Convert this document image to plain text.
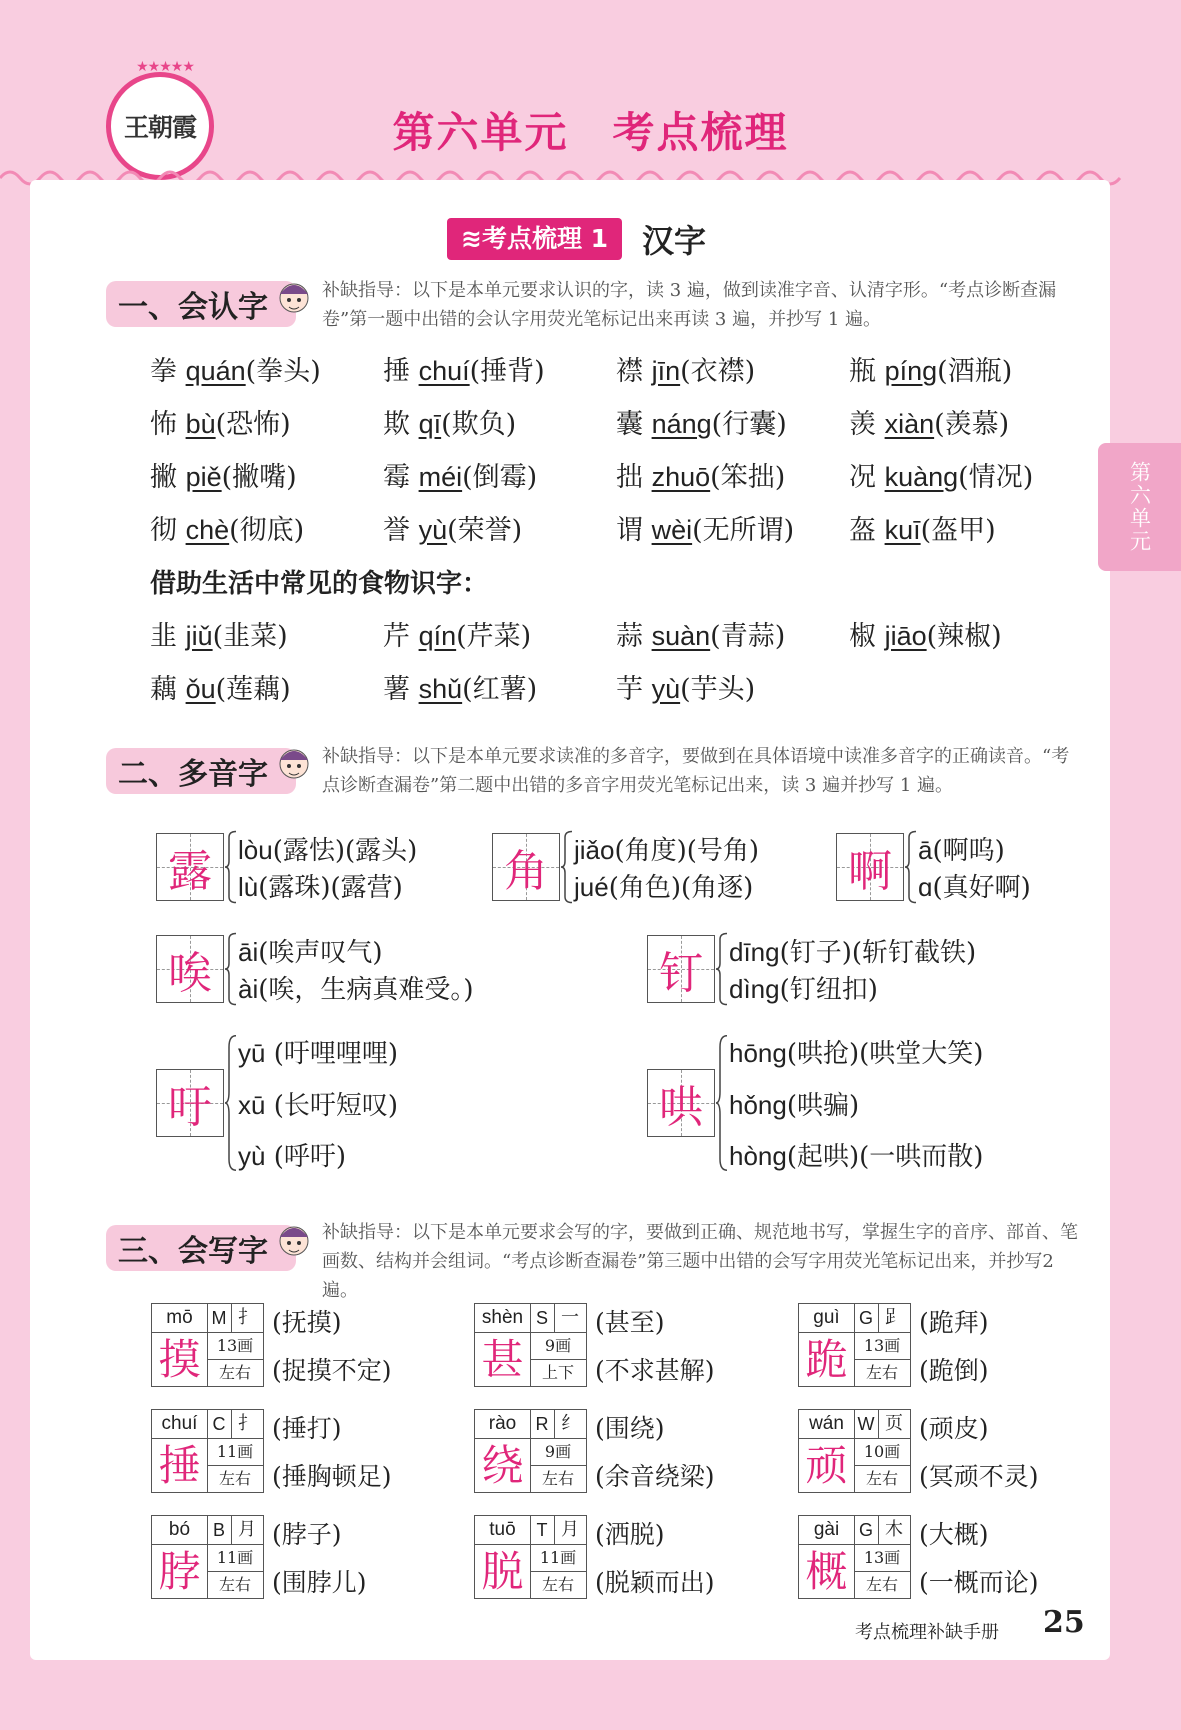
★★★★★
王朝霞	第六单元　考点梳理
第六单元
≋考点梳理 1	汉字
一、会认字	补缺指导：以下是本单元要求认识的字，读 3 遍，做到读准字音、认清字形。“考点诊断查漏卷”第一题中出错的会认字用荧光笔标记出来再读 3 遍，并抄写 1 遍。
拳 quán(拳头)	捶 chuí(捶背)	襟 jīn(衣襟)	瓶 píng(酒瓶)
怖 bù(恐怖)	欺 qī(欺负)	囊 náng(行囊)	羡 xiàn(羡慕)
撇 piě(撇嘴)	霉 méi(倒霉)	拙 zhuō(笨拙)	况 kuàng(情况)
彻 chè(彻底)	誉 yù(荣誉)	谓 wèi(无所谓)	盔 kuī(盔甲)
韭 jiǔ(韭菜)	芹 qín(芹菜)	蒜 suàn(青蒜)	椒 jiāo(辣椒)
藕 ǒu(莲藕)	薯 shǔ(红薯)	芋 yù(芋头)
借助生活中常见的食物识字：
二、多音字
补缺指导：以下是本单元要求读准的多音字，要做到在具体语境中读准多音字的正确读音。“考点诊断查漏卷”第二题中出错的多音字用荧光笔标记出来，读 3 遍并抄写 1 遍。
露 lòu(露怯)(露头)
lù(露珠)(露营)	角 jiǎo(角度)(号角)
jué(角色)(角逐) 啊 ā(啊呜)
ɑ(真好啊)
唉 āi(唉声叹气)
ài(唉，生病真难受。)	钉 dīng(钉子)(斩钉截铁)
dìng(钉纽扣)
吁
yū (吁哩哩哩)
xū (长吁短叹)
yù (呼吁)
哄
hōng(哄抢)(哄堂大笑)
hǒng(哄骗)
hòng(起哄)(一哄而散)
三、会写字
补缺指导：以下是本单元要求会写的字，要做到正确、规范地书写，掌握生字的音序、部首、笔画数、结构并会组词。“考点诊断查漏卷”第三题中出错的会写字用荧光笔标记出来，并抄写2遍。
mō	M 扌
摸	13画
左右
(抚摸)
(捉摸不定)
shèn S 一
甚	9画
上下
(甚至)
(不求甚解)
guì	G 𧾷
跪	13画
左右
(跪拜)
(跪倒)
chuí C 扌
捶	11画
左右
(捶打)
(捶胸顿足)
rào	R 纟
绕	9画
左右
(围绕)
(余音绕梁)
wán W 页
顽	10画
左右
(顽皮)
(冥顽不灵)
bó	B 月
脖	11画
左右
(脖子)
(围脖儿)
tuō	T 月
脱	11画
左右
(洒脱)
(脱颖而出)
gài	G 木
概	13画
左右
(大概)
(一概而论)
考点梳理补缺手册 25
